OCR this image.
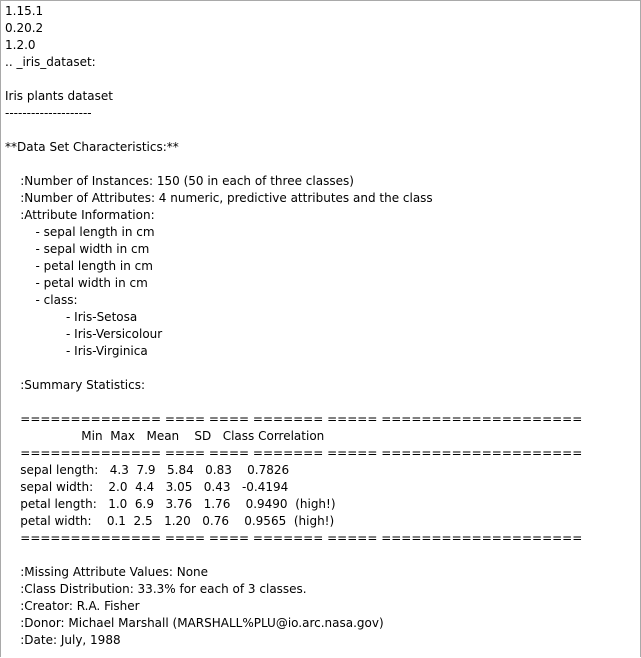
1.15.1
0.20.2
1.2.0
.. _iris_dataset:

Iris plants dataset
--------------------

**Data Set Characteristics:**

:Number of Instances: 150 (50 in each of three classes)
:Number of Attributes: 4 numeric, predictive attributes and the class
:Attribute Information:
- sepal length in cm
- sepal width in cm
- petal length in cm
- petal width in cm
- class:
- Iris-Setosa
- Iris-Versicolour
- Iris-Virginica

:Summary Statistics:

============== ==== ==== ======= ===== ====================
Min  Max   Mean    SD   Class Correlation
============== ==== ==== ======= ===== ====================
sepal length:   4.3  7.9   5.84   0.83    0.7826
sepal width:    2.0  4.4   3.05   0.43   -0.4194
petal length:   1.0  6.9   3.76   1.76    0.9490  (high!)
petal width:    0.1  2.5   1.20   0.76    0.9565  (high!)
============== ==== ==== ======= ===== ====================

:Missing Attribute Values: None
:Class Distribution: 33.3% for each of 3 classes.
:Creator: R.A. Fisher
:Donor: Michael Marshall (MARSHALL%PLU@io.arc.nasa.gov)
:Date: July, 1988
